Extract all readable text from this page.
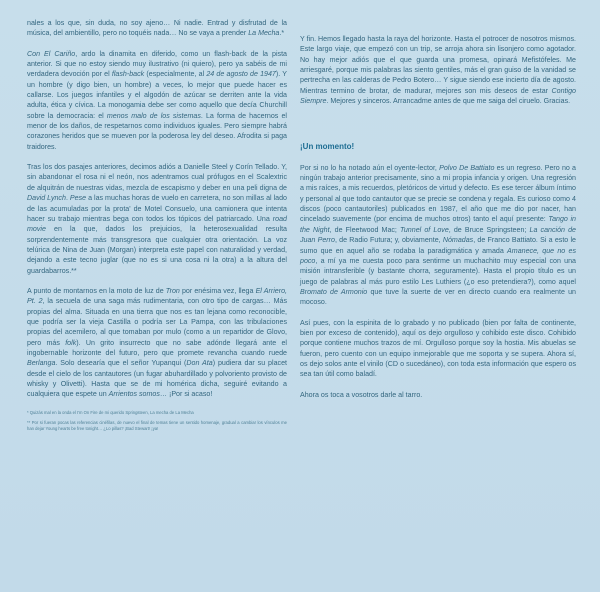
nales a los que, sin duda, no soy ajeno… Ni nadie. Entrad y disfrutad de la música, del ambientillo, pero no toquéis nada… No se vaya a prender La Mecha.*

Con El Cariño, ardo la dinamita en diferido, como un flash-back de la pista anterior. Si que no estoy siendo muy ilustrativo (ni quiero), pero ya sabéis de mi verdadera devoción por el flash-back (especialmente, al 24 de agosto de 1947). Y un hombre (y digo bien, un hombre) a veces, lo mejor que puede hacer es callarse. Los juegos infantiles y el algodón de azúcar se derriten ante la vida adulta, ética y cívica. La monogamia debe ser como aquello que decía Churchill sobre la democracia: el menos malo de los sistemas. La forma de hacernos el menor de los daños, de respetarnos como individuos iguales. Pero siempre habrá corazones heridos que se mueven por la poderosa ley del deseo. Afrodita si paga traidores.

Tras los dos pasajes anteriores, decimos adiós a Danielle Steel y Corín Tellado. Y, sin abandonar el rosa ni el neón, nos adentramos cual prófugos en el Scalextric de alquitrán de nuestras vidas, mezcla de escapismo y deber en una peli digna de David Lynch. Pese a las muchas horas de vuelo en carretera, no son millas al lado de las acumuladas por la prota' de Motel Consuelo, una camionera que intenta hacer su trabajo mientras bega con todos los tópicos del patriarcado. Una road movie en la que, dados los prejuicios, la heterosexualidad resulta sorprendentemente más transgresora que cualquier otra orientación. La voz telúrica de Nina de Juan (Morgan) interpreta este papel con naturalidad y verdad, dejando a este tecno juglar (que no es si una cosa ni la otra) a la altura del guardabarros.**

A punto de montarnos en la moto de luz de Tron por enésima vez, llega El Arriero, Pt. 2, la secuela de una saga más rudimentaria, con otro tipo de cargas… Más propias del alma. Situada en una tierra que nos es tan lejana como reconocible, que podría ser la vieja Castilla o podría ser La Pampa, con las tribulaciones propias del acemilero, al que tomaban por mulo (como a un repartidor de Glovo, pero más folk). Un grito insurrecto que no sabe adónde llegará ante el ingobernable horizonte del futuro, pero que promete revancha cuando ruede Berlanga. Solo desearía que el señor Yupanqui (Don Ata) pudiera dar su placet desde el cielo de los cantautores (un fugar abuhardillado y polvoriento provisto de whisky y Olivetti). Hasta que se de mi homérica dicha, seguiré evitando a cualquiera que espete un Arrientos somos… ¡Por si acaso!

* Quizás mal en la onda el I'm On Fire de mi querido Springsteen, La mecha de La Mecha

** Por si fueran pocas las referencias cinéfilas, de nuevo el final de temas tiene un sentido homenaje, gradual a cambiar los vínculos me han dejar Young hearts be free tonight… ¿Lo pillas? ¡Bad Stewart! ¡ya!

Y fin. Hemos llegado hasta la raya del horizonte. Hasta el potrocer de nosotros mismos. Este largo viaje, que empezó con un trip, se arroja ahora sin lisonjero como agotador. No hay mejor adiós que el que guarda una promesa, opinará Mefistófeles. Me arriesgaré, porque mis palabras las siento gentiles, más el gran guiso de la vanidad se pertrecha en las calderas de Pedro Botero… Y sigue siendo ese incierto día de agosto. Mientras termino de brotar, de madurar, mejores son mis deseos de estar Contigo Siempre. Mejores y sinceros. Arrancadme antes de que me saiga del ciruelo. Gracias.

¡Un momento!

Por si no lo ha notado aún el oyente-lector, Polvo De Battiato es un regreso. Pero no a ningún trabajo anterior precisamente, sino a mi propia infancia y origen. Una regresión a mis raíces, a mis recuerdos, pletóricos de virtud y defecto. Es ese tercer álbum íntimo y personal al que todo cantautor que se precie se condena y regala. Es curioso como 4 discos (poco cantautoriles) publicados en 1987, el año que me dio por nacer, han cincelado suavemente (por encima de muchos otros) tanto el aquí presente: Tango in the Night, de Fleetwood Mac; Tunnel of Love, de Bruce Springsteen; La canción de Juan Perro, de Radio Futura; y, obviamente, Nómadas, de Franco Battiato. Si a esto le sumo que en aquel año se rodaba la paradigmática y amada Amanece, que no es poco, a mí ya me cuesta poco para sentirme un muchachito muy especial con una misión intransferible (y bastante chorra, seguramente). Hasta el propio título es un juego de palabras al más puro estilo Les Luthiers (¿o eso pretendiera?), como aquel Bromato de Armonio que tuve la suerte de ver en directo cuando era realmente un mocoso.

Así pues, con la espinita de lo grabado y no publicado (bien por falta de continente, bien por exceso de contenido), aquí os dejo orgulloso y cohibido este disco. Cohibido porque contiene muchos trazos de mí. Orgulloso porque soy la hostia. Mis abuelas se fueron, pero cuento con un equipo inmejorable que me soporta y se supera. Ahora sí, os dejo solos ante el vinilo (CD o sucedáneo), con toda esta información que espero os sea tan útil como baladí.

Ahora os toca a vosotros darle al tarro.
